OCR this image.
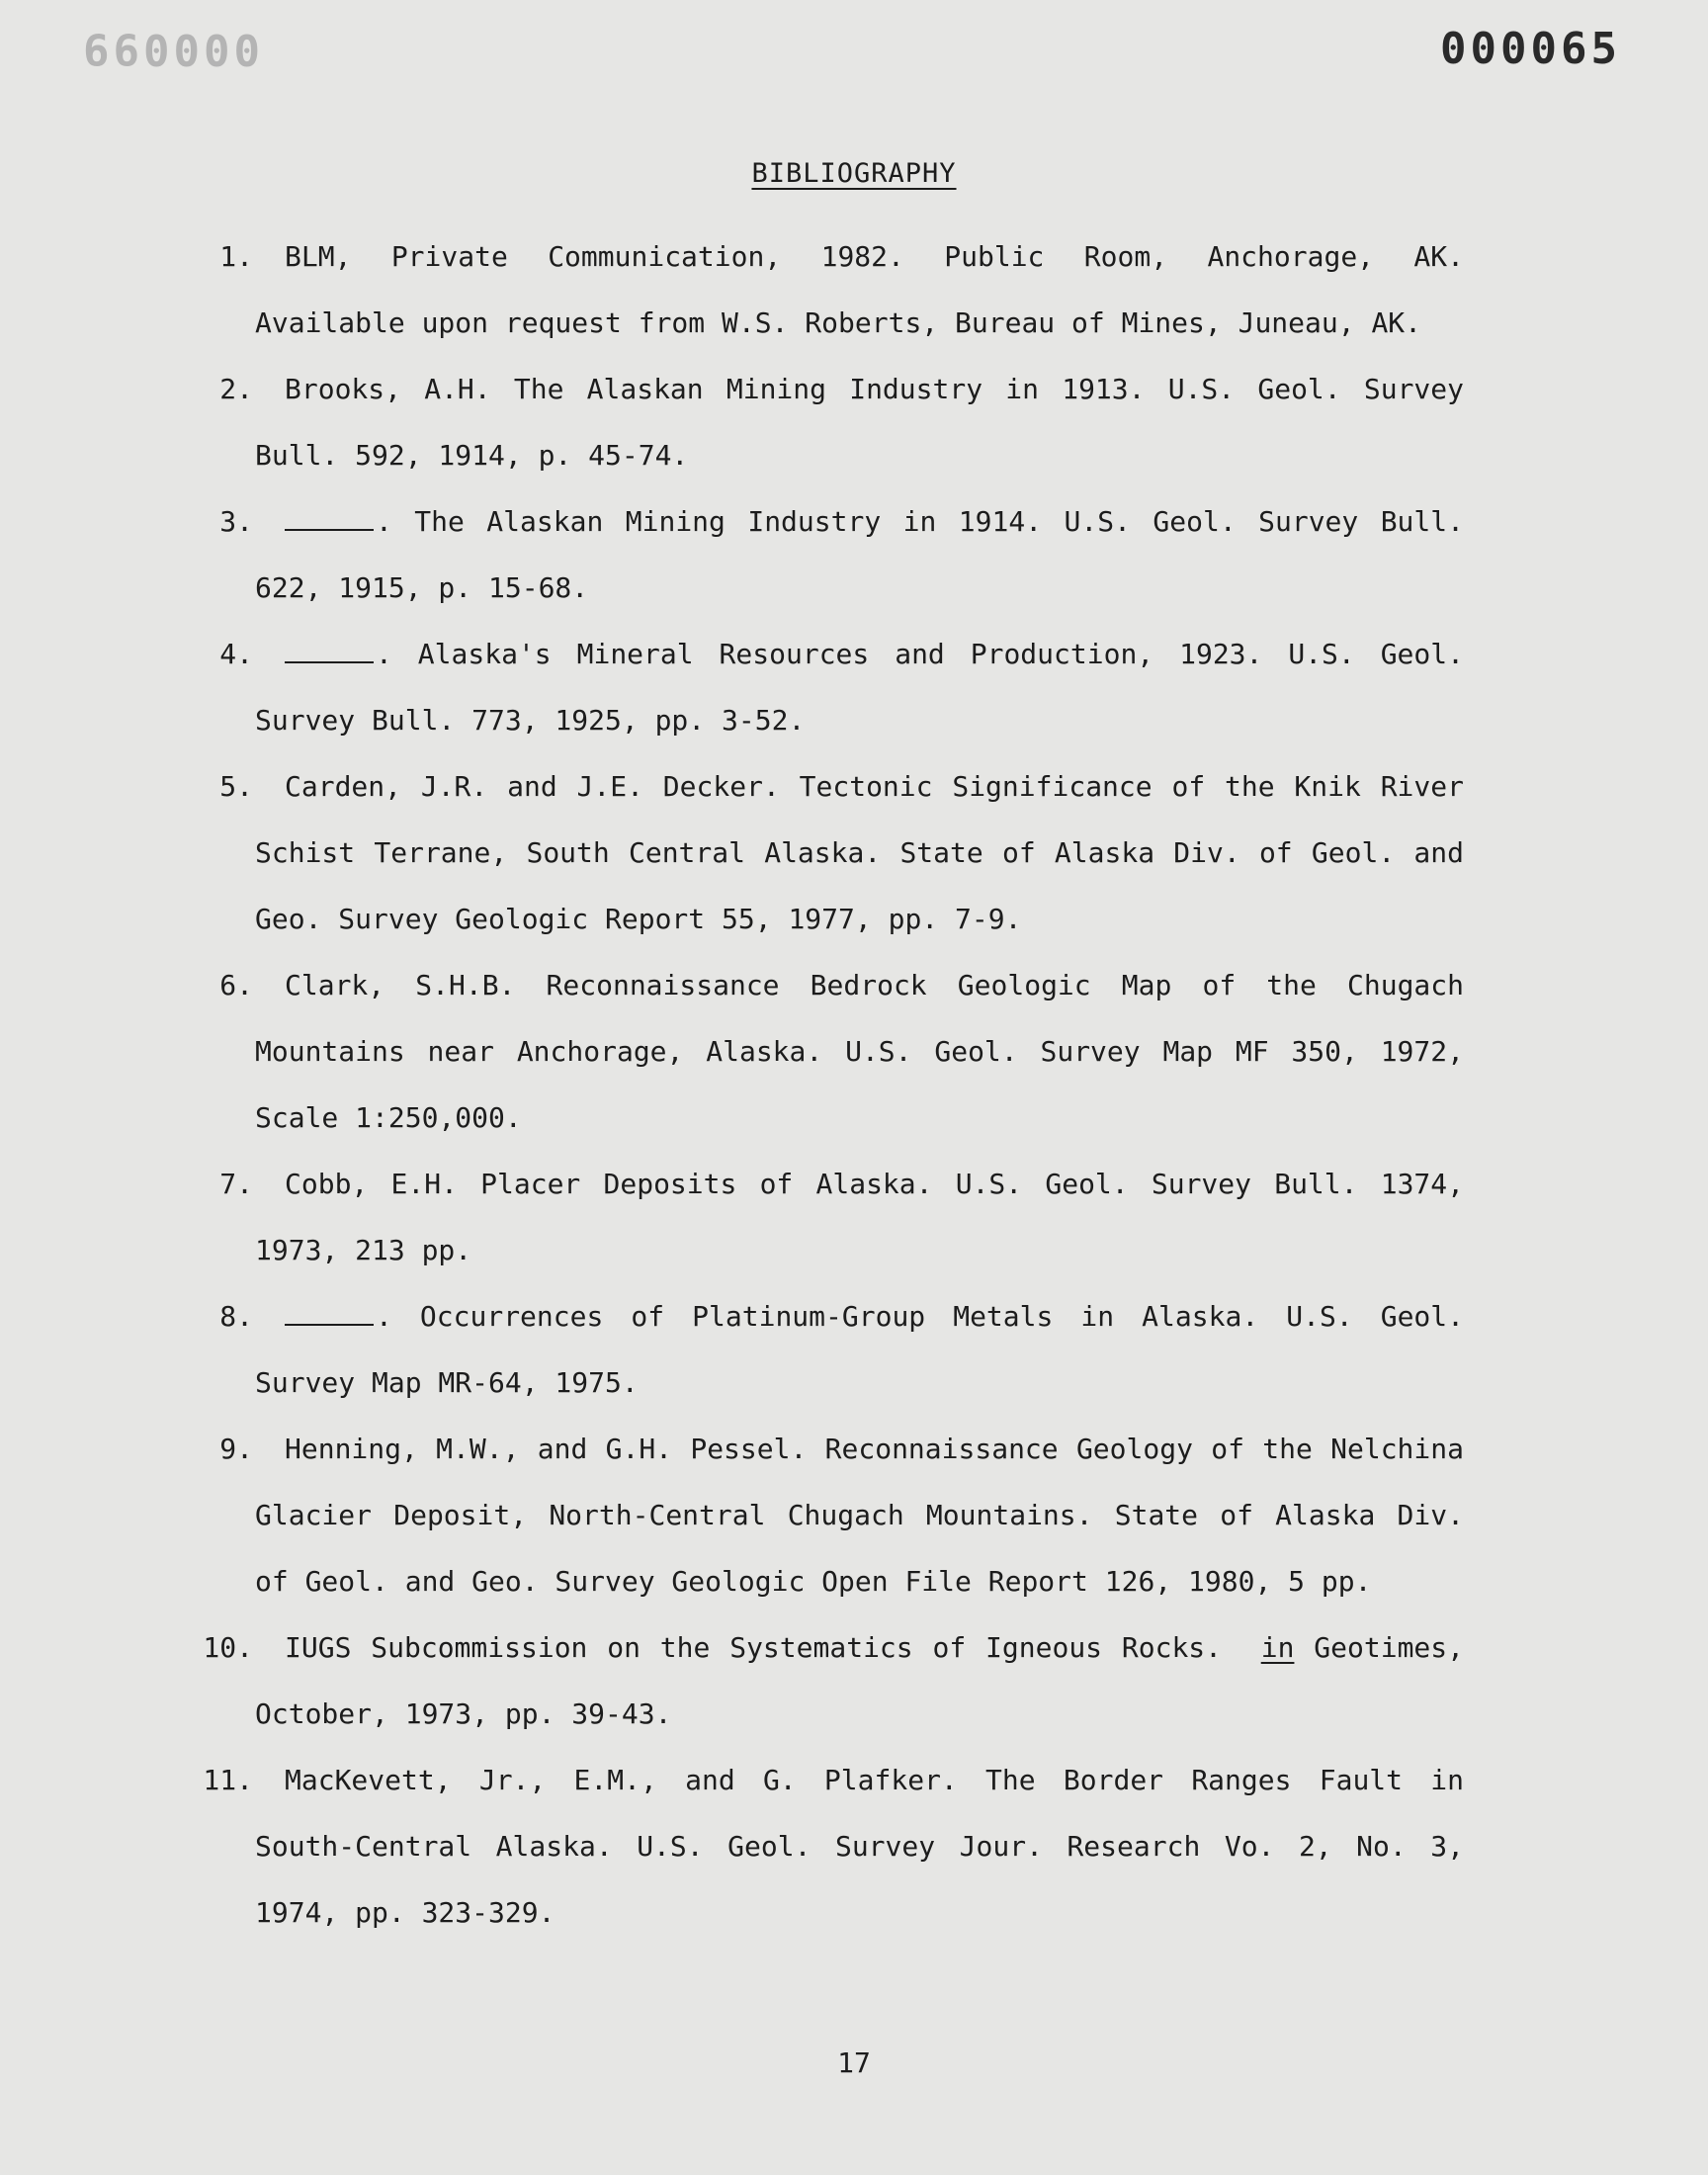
000099	000065
BIBLIOGRAPHY
1.	BLM, Private Communication, 1982. Public Room, Anchorage, AK. Available upon request from W.S. Roberts, Bureau of Mines, Juneau, AK.
2.	Brooks, A.H. The Alaskan Mining Industry in 1913. U.S. Geol. Survey Bull. 592, 1914, p. 45-74.
3.	. The Alaskan Mining Industry in 1914. U.S. Geol. Survey Bull. 622, 1915, p. 15-68.
4.	. Alaska's Mineral Resources and Production, 1923. U.S. Geol. Survey Bull. 773, 1925, pp. 3-52.
5.	Carden, J.R. and J.E. Decker. Tectonic Significance of the Knik River Schist Terrane, South Central Alaska. State of Alaska Div. of Geol. and Geo. Survey Geologic Report 55, 1977, pp. 7-9.
6.	Clark, S.H.B. Reconnaissance Bedrock Geologic Map of the Chugach Mountains near Anchorage, Alaska. U.S. Geol. Survey Map MF 350, 1972, Scale 1:250,000.
7.	Cobb, E.H. Placer Deposits of Alaska. U.S. Geol. Survey Bull. 1374, 1973, 213 pp.
8.	. Occurrences of Platinum-Group Metals in Alaska. U.S. Geol. Survey Map MR-64, 1975.
9.	Henning, M.W., and G.H. Pessel. Reconnaissance Geology of the Nelchina Glacier Deposit, North-Central Chugach Mountains. State of Alaska Div. of Geol. and Geo. Survey Geologic Open File Report 126, 1980, 5 pp.
10.	IUGS Subcommission on the Systematics of Igneous Rocks. in Geotimes, October, 1973, pp. 39-43.
11.	MacKevett, Jr., E.M., and G. Plafker. The Border Ranges Fault in South-Central Alaska. U.S. Geol. Survey Jour. Research Vo. 2, No. 3, 1974, pp. 323-329.
17
